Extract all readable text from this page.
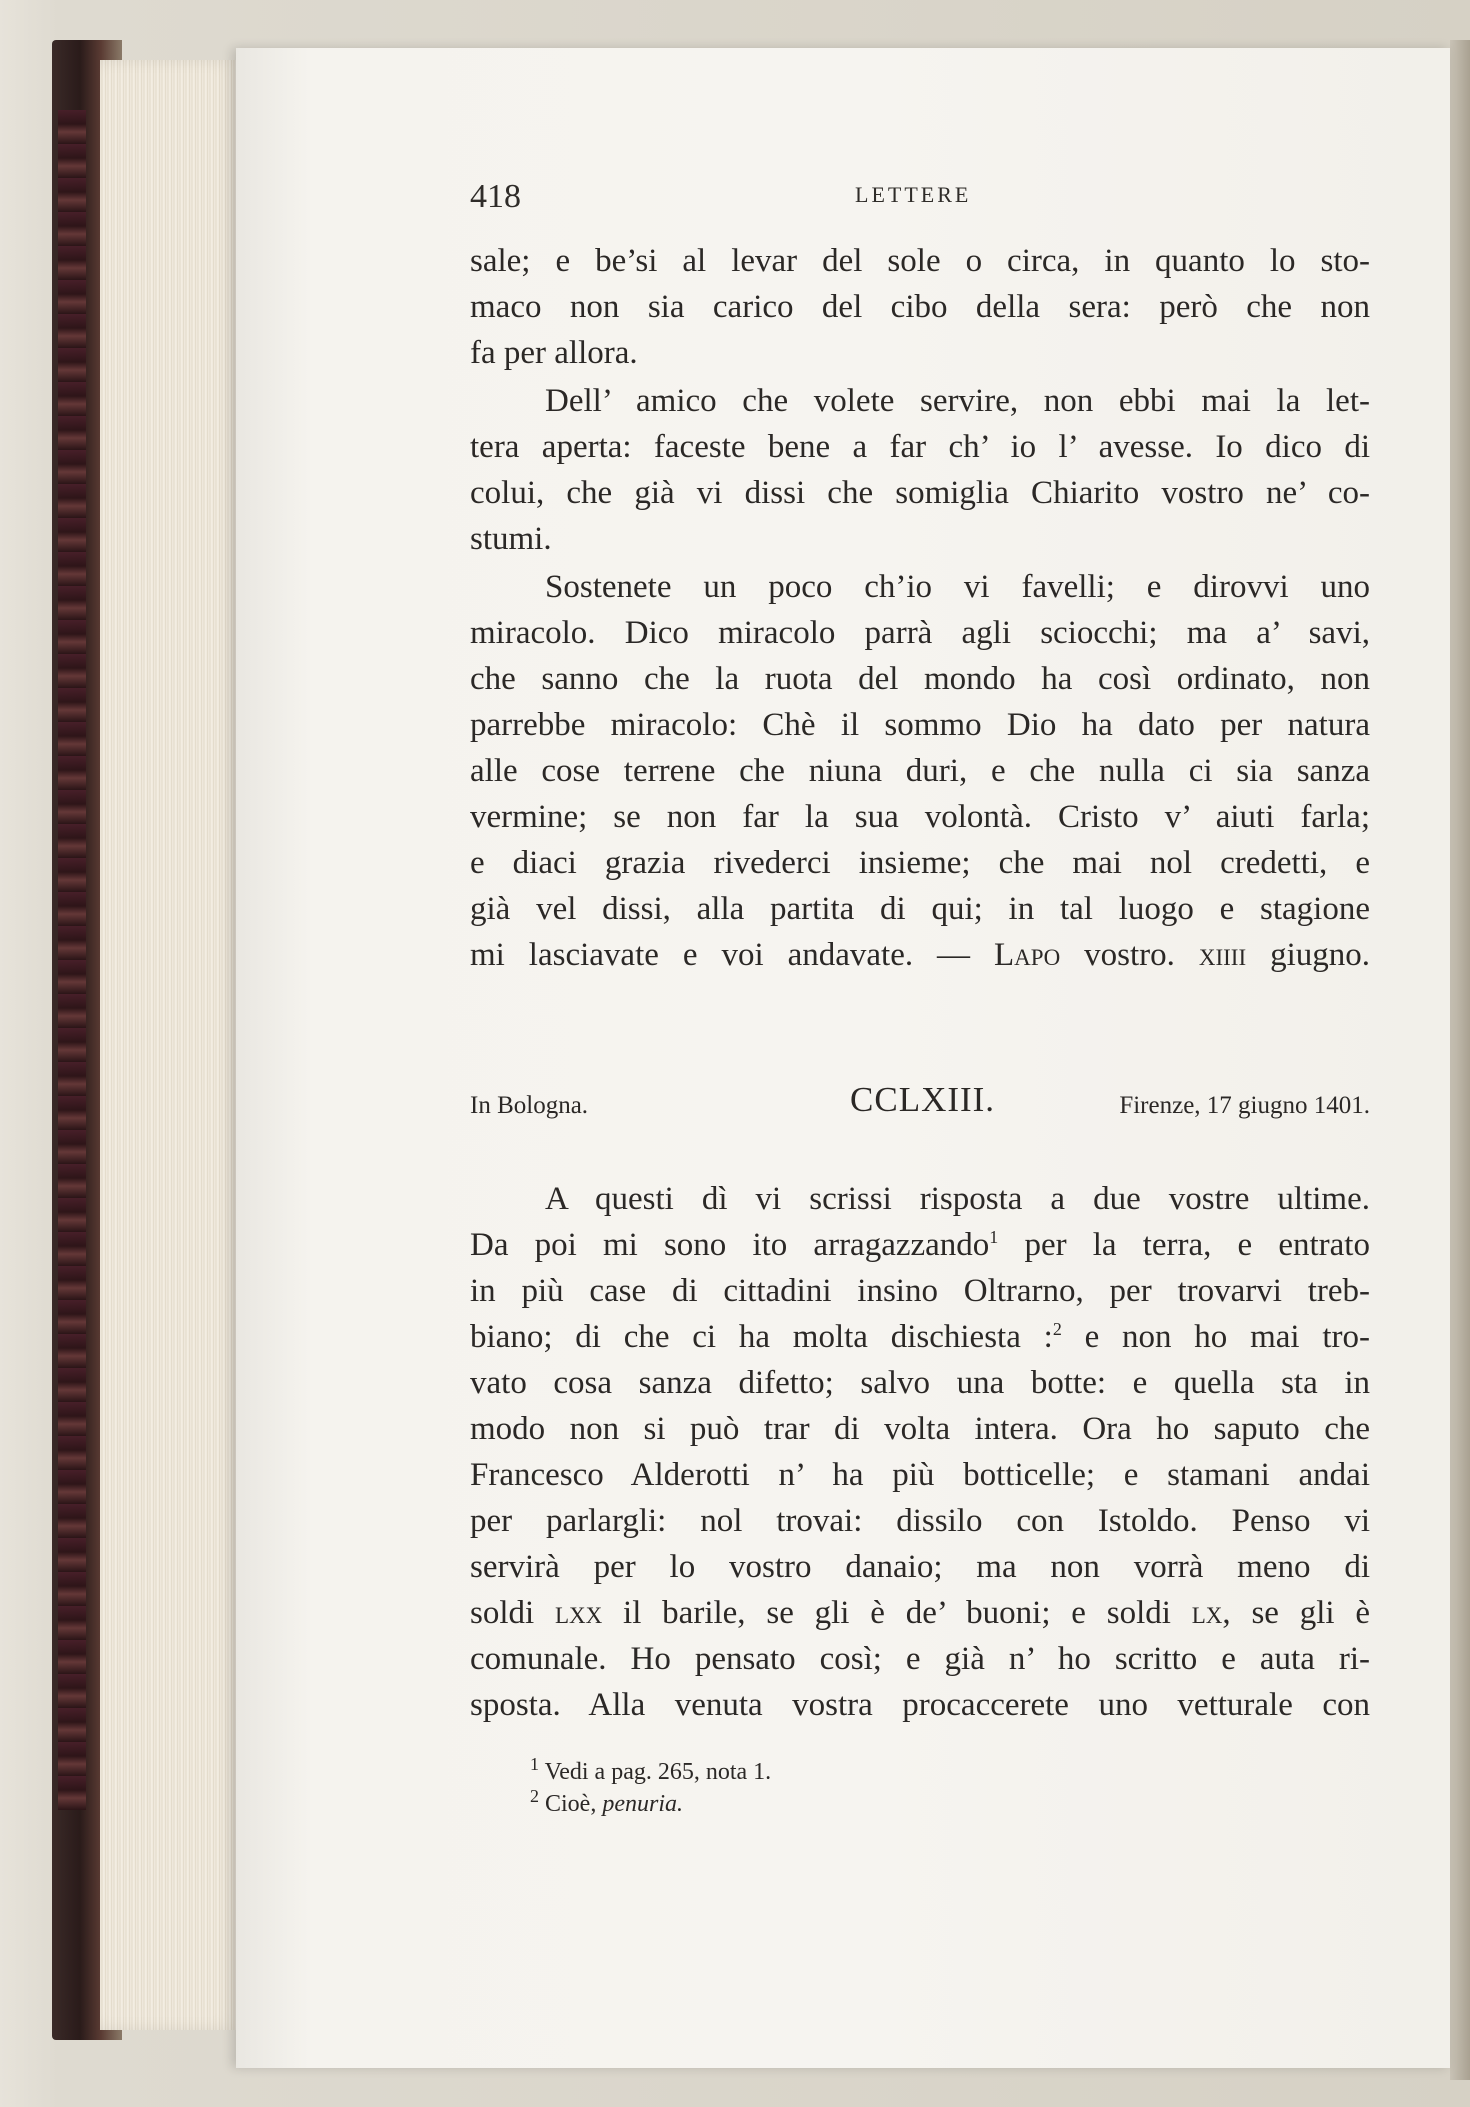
418	LETTERE
sale; e be’si al levar del sole o circa, in quanto lo sto-
maco non sia carico del cibo della sera: però che non
fa per allora.
Dell’ amico che volete servire, non ebbi mai la let-
tera aperta: faceste bene a far ch’ io l’ avesse. Io dico di
colui, che già vi dissi che somiglia Chiarito vostro ne’ co-
stumi.
Sostenete un poco ch’io vi favelli; e dirovvi uno
miracolo. Dico miracolo parrà agli sciocchi; ma a’ savi,
che sanno che la ruota del mondo ha così ordinato, non
parrebbe miracolo: Chè il sommo Dio ha dato per natura
alle cose terrene che niuna duri, e che nulla ci sia sanza
vermine; se non far la sua volontà. Cristo v’ aiuti farla;
e diaci grazia rivederci insieme; che mai nol credetti, e
già vel dissi, alla partita di qui; in tal luogo e stagione
mi lasciavate e voi andavate. — Lapo vostro. xiiii giugno.
In Bologna.	CCLXIII.	Firenze, 17 giugno 1401.
A questi dì vi scrissi risposta a due vostre ultime.
Da poi mi sono ito arragazzando$^1$ per la terra, e entrato
in più case di cittadini insino Oltrarno, per trovarvi treb-
biano; di che ci ha molta dischiesta :$^2$ e non ho mai tro-
vato cosa sanza difetto; salvo una botte: e quella sta in
modo non si può trar di volta intera. Ora ho saputo che
Francesco Alderotti n’ ha più botticelle; e stamani andai
per parlargli: nol trovai: dissilo con Istoldo. Penso vi
servirà per lo vostro danaio; ma non vorrà meno di
soldi lxx il barile, se gli è de’ buoni; e soldi lx, se gli è
comunale. Ho pensato così; e già n’ ho scritto e auta ri-
sposta. Alla venuta vostra procaccerete uno vetturale con
$^1$ Vedi a pag. 265, nota 1.
$^2$ Cioè, penuria.
